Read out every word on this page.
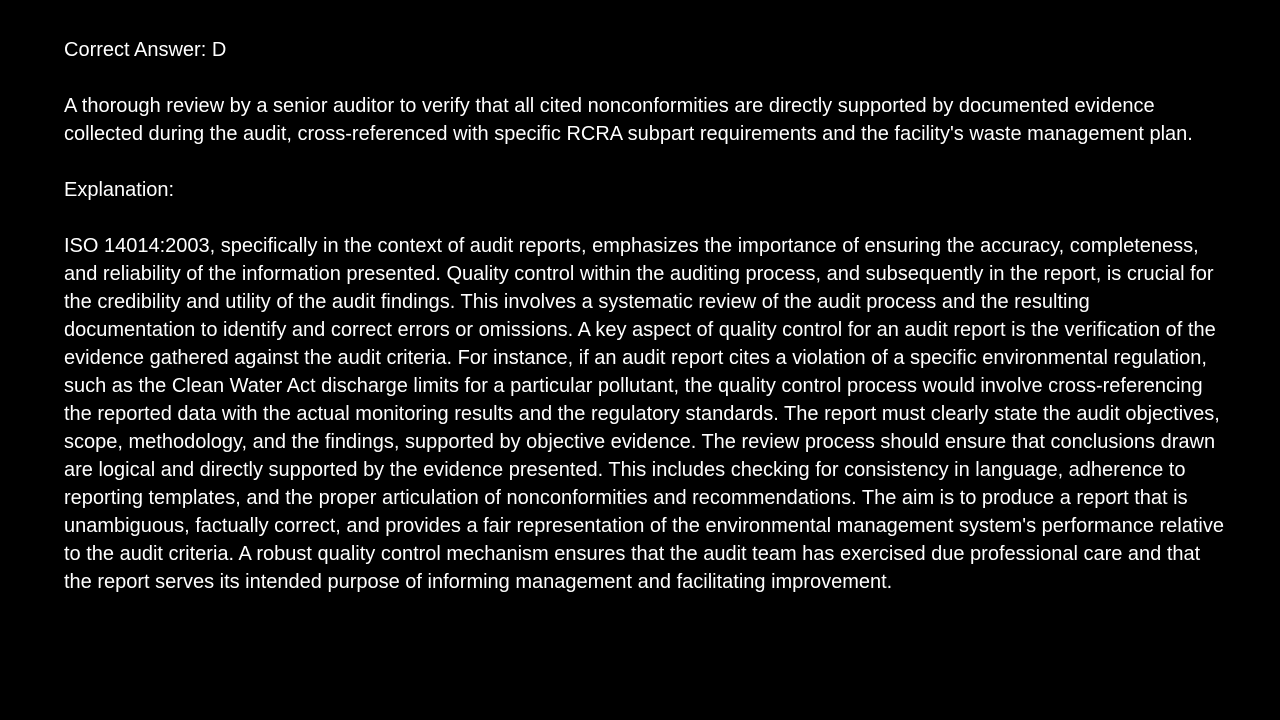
Correct Answer: D

A thorough review by a senior auditor to verify that all cited nonconformities are directly supported by documented evidence collected during the audit, cross-referenced with specific RCRA subpart requirements and the facility's waste management plan.

Explanation:

ISO 14014:2003, specifically in the context of audit reports, emphasizes the importance of ensuring the accuracy, completeness, and reliability of the information presented. Quality control within the auditing process, and subsequently in the report, is crucial for the credibility and utility of the audit findings. This involves a systematic review of the audit process and the resulting documentation to identify and correct errors or omissions. A key aspect of quality control for an audit report is the verification of the evidence gathered against the audit criteria. For instance, if an audit report cites a violation of a specific environmental regulation, such as the Clean Water Act discharge limits for a particular pollutant, the quality control process would involve cross-referencing the reported data with the actual monitoring results and the regulatory standards. The report must clearly state the audit objectives, scope, methodology, and the findings, supported by objective evidence. The review process should ensure that conclusions drawn are logical and directly supported by the evidence presented. This includes checking for consistency in language, adherence to reporting templates, and the proper articulation of nonconformities and recommendations. The aim is to produce a report that is unambiguous, factually correct, and provides a fair representation of the environmental management system's performance relative to the audit criteria. A robust quality control mechanism ensures that the audit team has exercised due professional care and that the report serves its intended purpose of informing management and facilitating improvement.
